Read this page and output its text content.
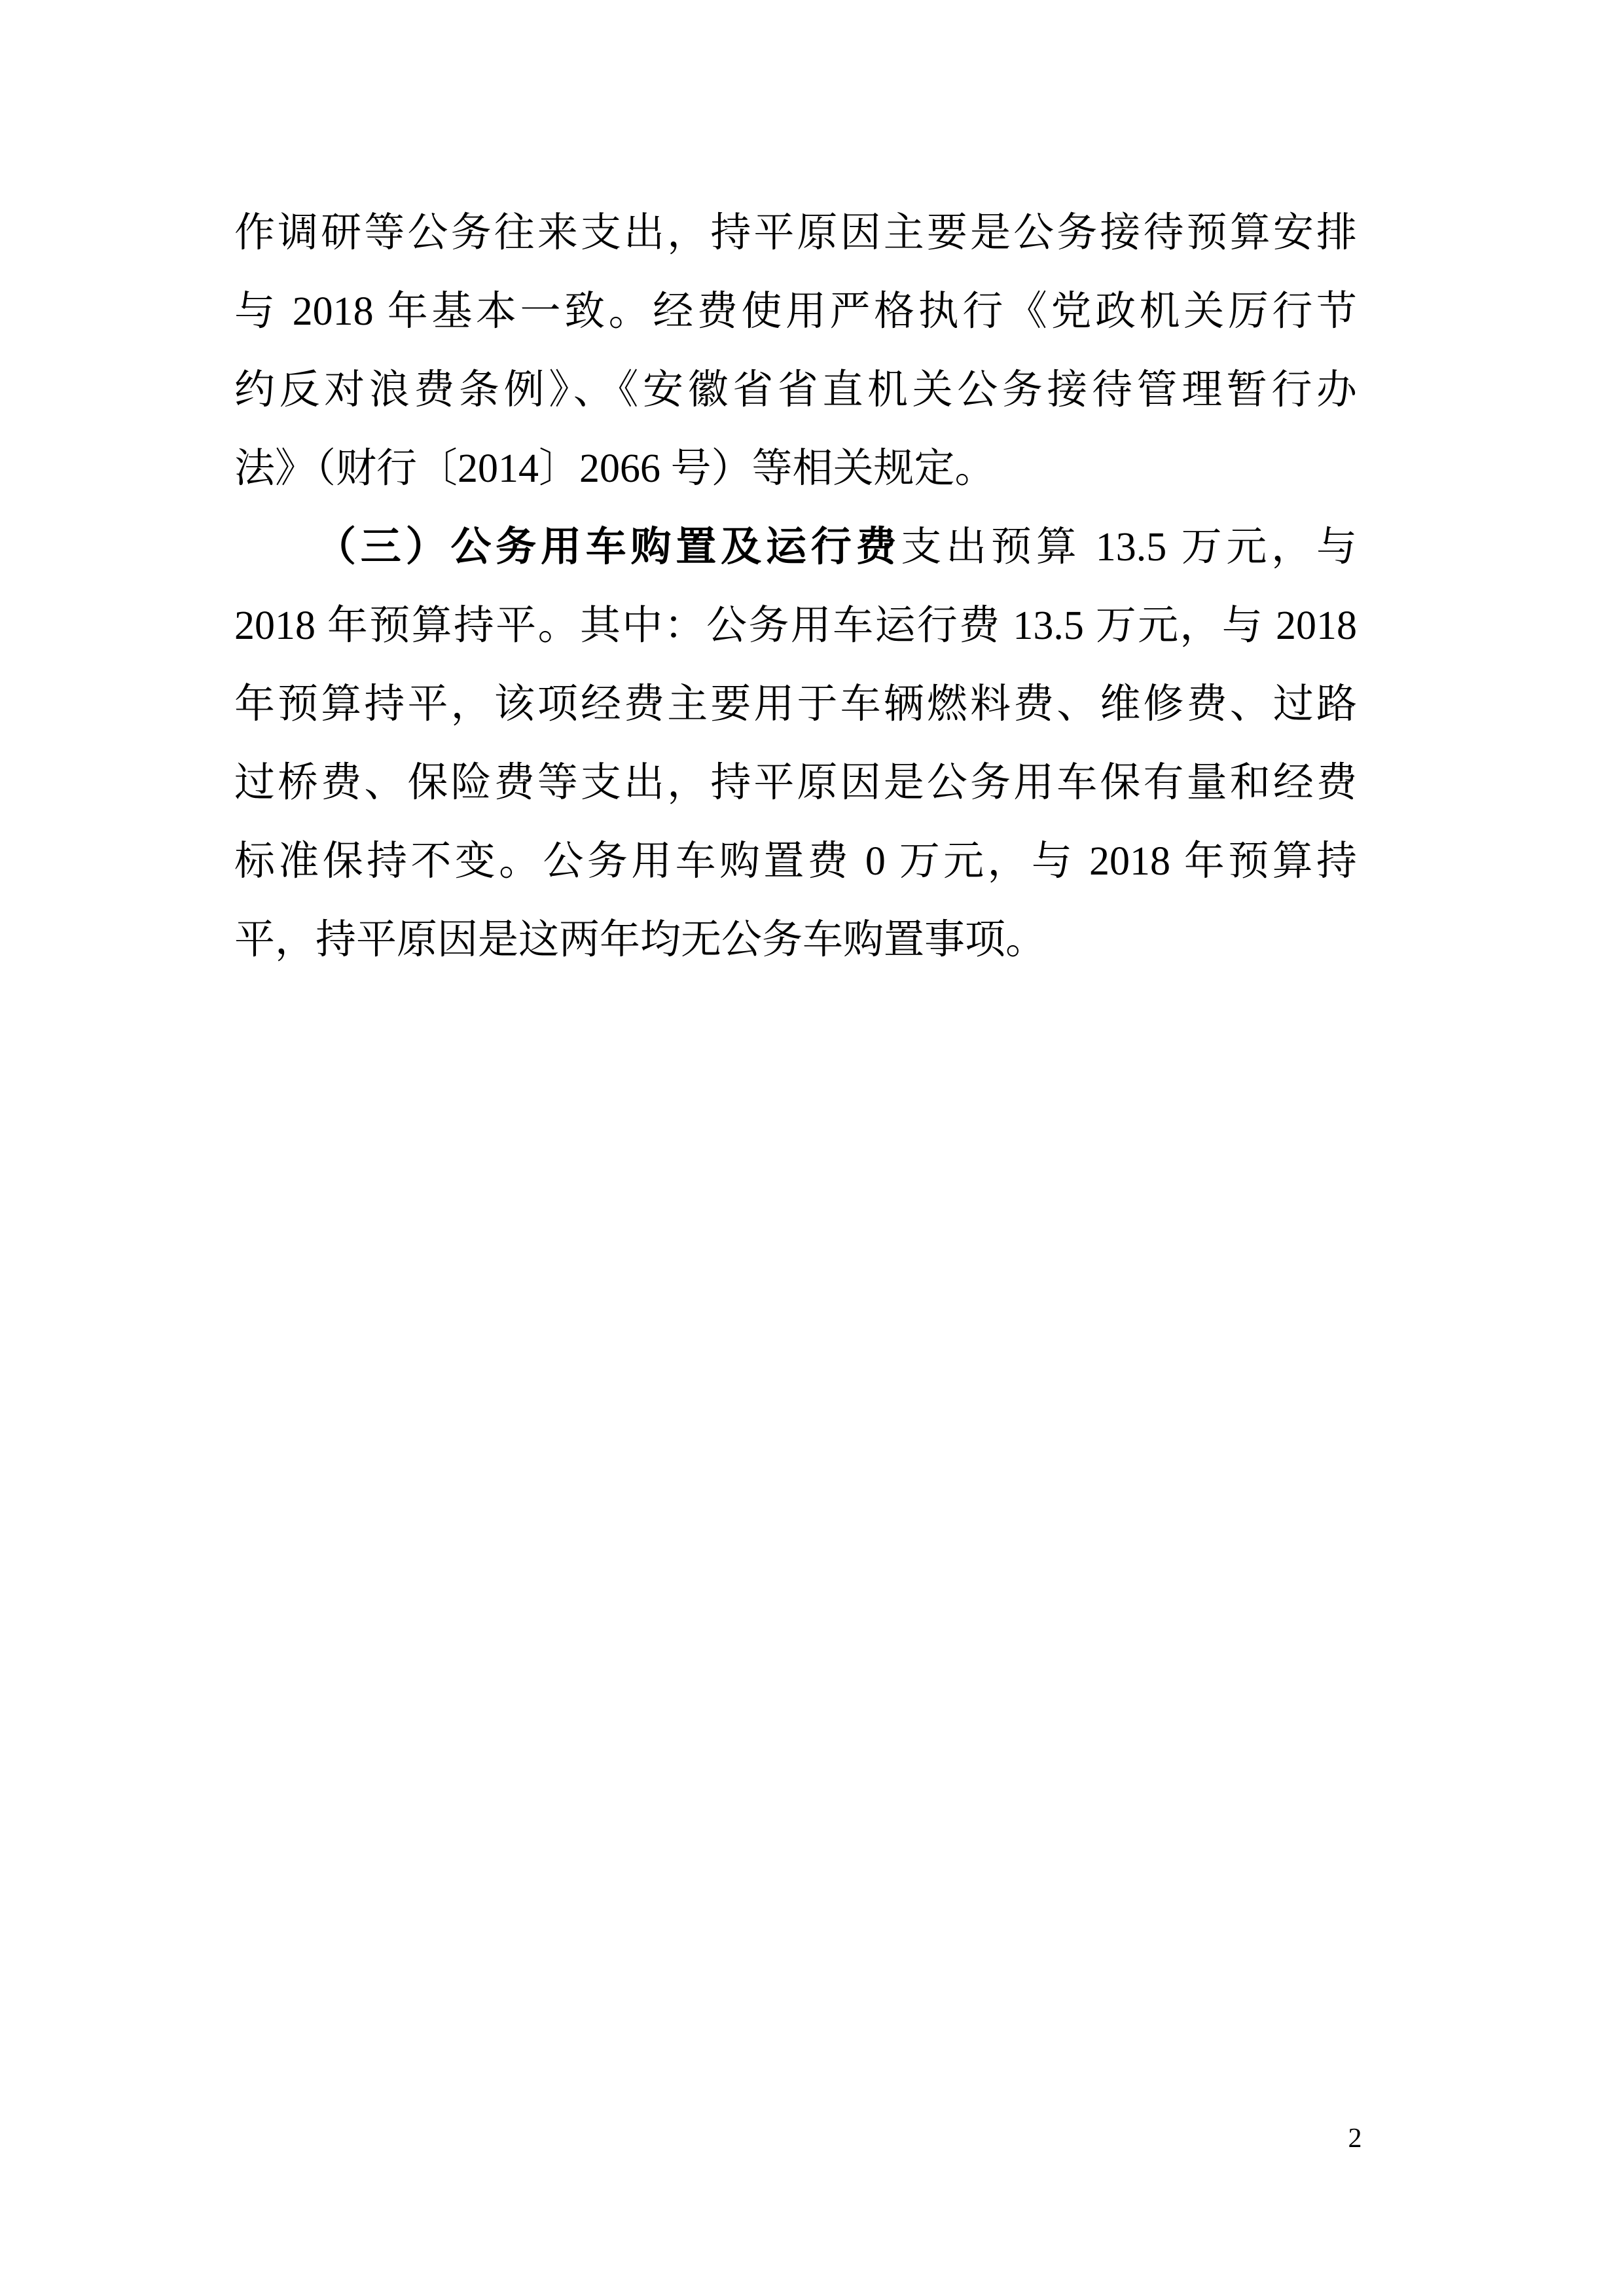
作调研等公务往来支出，持平原因主要是公务接待预算安排
与 2018 年基本一致。经费使用严格执行《党政机关厉行节
约反对浪费条例》、《安徽省省直机关公务接待管理暂行办
法》（财行〔2014〕2066 号）等相关规定。
（三）公务用车购置及运行费支出预算 13.5 万元，与
2018 年预算持平。其中：公务用车运行费 13.5 万元，与 2018
年预算持平，该项经费主要用于车辆燃料费、维修费、过路
过桥费、保险费等支出，持平原因是公务用车保有量和经费
标准保持不变。公务用车购置费 0 万元，与 2018 年预算持
平，持平原因是这两年均无公务车购置事项。
2
